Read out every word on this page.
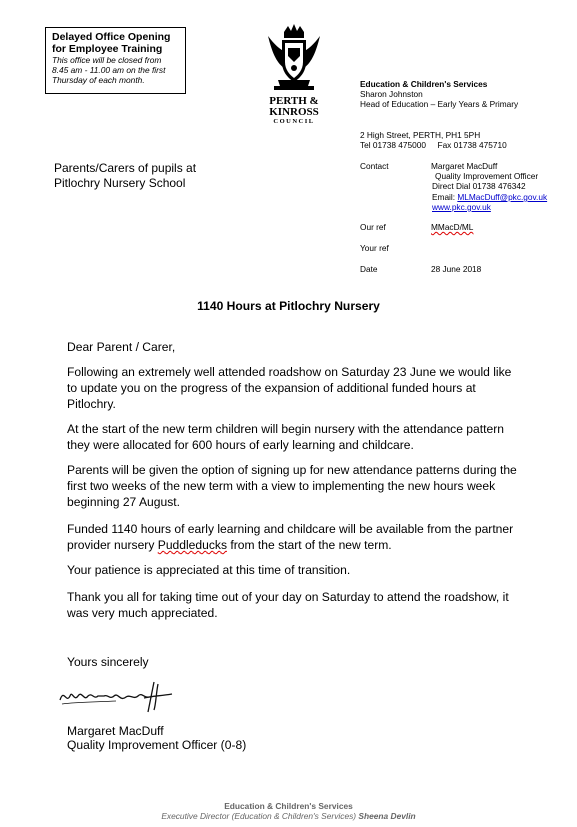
Delayed Office Opening
for Employee Training
This office will be closed from
8.45 am - 11.00 am on the first
Thursday of each month.
PERTH &
KINROSS
COUNCIL
Education & Children's Services
Sharon Johnston
Head of Education – Early Years & Primary
2 High Street, PERTH, PH1 5PH
Tel 01738 475000     Fax 01738 475710
Parents/Carers of pupils at
Pitlochry Nursery School
Contact	Margaret MacDuff
Quality Improvement Officer
Direct Dial 01738 476342
Email: MLMacDuff@pkc.gov.uk
www.pkc.gov.uk
Our ref	MMacD/ML
Your ref
Date	28 June 2018
1140 Hours at Pitlochry Nursery
Dear Parent / Carer,
Following an extremely well attended roadshow on Saturday 23 June we would like
to update you on the progress of the expansion of additional funded hours at
Pitlochry.
At the start of the new term children will begin nursery with the attendance pattern
they were allocated for 600 hours of early learning and childcare.
Parents will be given the option of signing up for new attendance patterns during the
first two weeks of the new term with a view to implementing the new hours week
beginning 27 August.
Funded 1140 hours of early learning and childcare will be available from the partner
provider nursery Puddleducks from the start of the new term.
Your patience is appreciated at this time of transition.
Thank you all for taking time out of your day on Saturday to attend the roadshow, it
was very much appreciated.
Yours sincerely
Margaret MacDuff
Quality Improvement Officer (0-8)
Education & Children's Services
Executive Director (Education & Children's Services) Sheena Devlin
